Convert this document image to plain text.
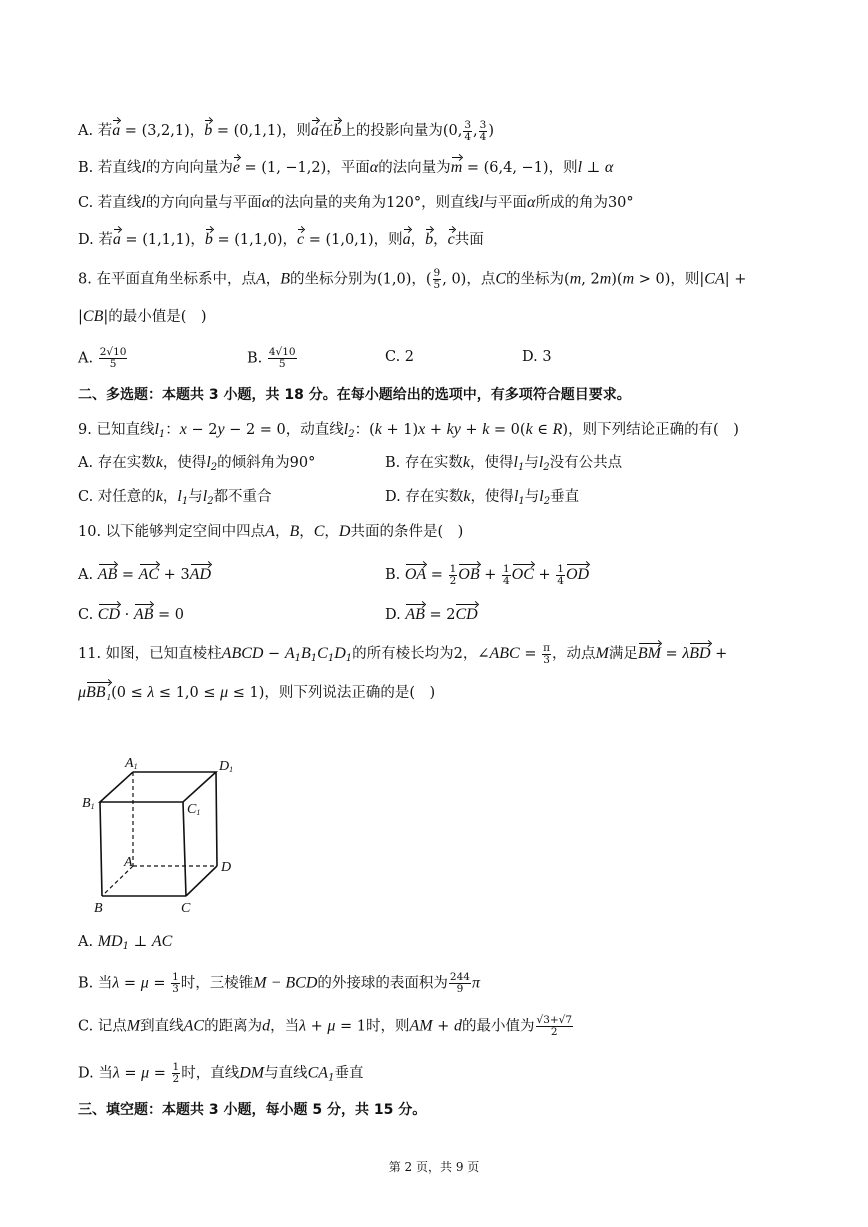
A. 若a = (3,2,1)，b = (0,1,1)，则a在b上的投影向量为(0, $\frac{3}{4}$ , $\frac{3}{4}$ )
B. 若直线l的方向向量为e = (1, −1,2)，平面α的法向量为m = (6,4, −1)，则l ⊥ α
C. 若直线l的方向向量与平面α的法向量的夹角为120°，则直线l与平面α所成的角为30°
D. 若a = (1,1,1)，b = (1,1,0)，c = (1,0,1)，则a，b，c共面
8. 在平面直角坐标系中，点A，B的坐标分别为(1,0)，( $\frac{9}{5}$ , 0)，点C的坐标为(m, 2m)(m > 0)，则|CA| +
|CB|的最小值是(　)
A. $\frac{2√10}{5}$	B. $\frac{4√10}{5}$	C. 2	D. 3
二、多选题：本题共 3 小题，共 18 分。在每小题给出的选项中，有多项符合题目要求。
9. 已知直线$l_1$：x − 2y − 2 = 0，动直线$l_2$：(k + 1)x + ky + k = 0(k ∈ R)，则下列结论正确的有(　)
A. 存在实数k，使得$l_2$的倾斜角为90°	B. 存在实数k，使得$l_1$与$l_2$没有公共点
C. 对任意的k，$l_1$与$l_2$都不重合	D. 存在实数k，使得$l_1$与$l_2$垂直
10. 以下能够判定空间中四点A，B，C，D共面的条件是(　)
A. AB = AC + 3AD	B. OA = $\frac{1}{2}$ OB + $\frac{1}{4}$ OC + $\frac{1}{4}$ OD
C. CD · AB = 0	D. AB = 2CD
11. 如图，已知直棱柱ABCD − $A_1B_1C_1D_1$的所有棱长均为2，∠ABC = $\frac{\pi}{3}$ ，动点M满足BM = λBD +
μBB₁(0 ≤ λ ≤ 1,0 ≤ μ ≤ 1)，则下列说法正确的是(　)
A1	D1
B1	C1
A	D
B	C
A. $MD_1$ ⊥ AC
B. 当$\lambda = \mu = \frac{1}{3}$ 时，三棱锥M − BCD的外接球的表面积为 $\frac{244}{9}$ π
C. 记点M到直线AC的距离为d，当λ + μ = 1时，则AM + d的最小值为 $\frac{√3+√7}{2}$
D. 当$\lambda = \mu = \frac{1}{2}$ 时，直线DM与直线$CA_1$垂直
三、填空题：本题共 3 小题，每小题 5 分，共 15 分。
第 2 页，共 9 页
